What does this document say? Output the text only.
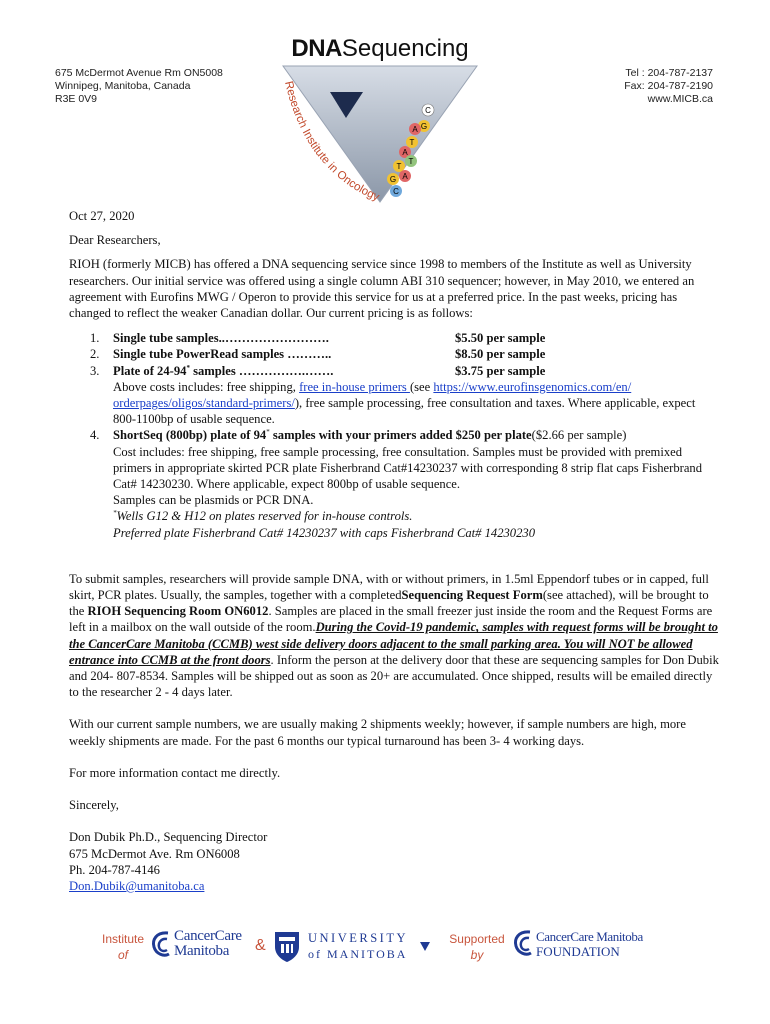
675 McDermot Avenue Rm ON5008
Winnipeg, Manitoba, Canada
R3E 0V9
Tel : 204-787-2137
Fax: 204-787-2190
www.MICB.ca
DNASequencing
Research Institute in Oncology
C
G
A
T
A
T
T
A
G
C

Oct 27, 2020

Dear Researchers,

RIOH (formerly MICB) has offered a DNA sequencing service since 1998 to members of the Institute as well as University researchers. Our initial service was offered using a single column ABI 310 sequencer; however, in May 2010, we entered an agreement with Eurofins MWG / Operon to provide this service for us at a preferred price. In the past weeks, pricing has changed to reflect the weaker Canadian dollar. Our current pricing is as follows:

1. Single tube samples..…………………….	$5.50 per sample
2. Single tube PowerRead samples ………..	$8.50 per sample
3. Plate of 24-94* samples …………….…….	$3.75 per sample
Above costs includes: free shipping, free in-house primers (see https://www.eurofinsgenomics.com/en/
orderpages/oligos/standard-primers/), free sample processing, free consultation and taxes. Where applicable, expect 800-1100bp of usable sequence.
4. ShortSeq (800bp) plate of 94* samples with your primers added $250 per plate($2.66 per sample)
Cost includes: free shipping, free sample processing, free consultation. Samples must be provided with premixed primers in appropriate skirted PCR plate Fisherbrand Cat#14230237 with corresponding 8 strip flat caps Fisherbrand Cat# 14230230. Where applicable, expect 800bp of usable sequence.
Samples can be plasmids or PCR DNA.
*Wells G12 & H12 on plates reserved for in-house controls.
Preferred plate Fisherbrand Cat# 14230237 with caps Fisherbrand Cat# 14230230

To submit samples, researchers will provide sample DNA, with or without primers, in 1.5ml Eppendorf tubes or in capped, full skirt, PCR plates. Usually, the samples, together with a completedSequencing Request Form(see attached), will be brought to the RIOH Sequencing Room ON6012. Samples are placed in the small freezer just inside the room and the Request Forms are left in a mailbox on the wall outside of the room.During the Covid-19 pandemic, samples with request forms will be brought to the CancerCare Manitoba (CCMB) west side delivery doors adjacent to the small parking area. You will NOT be allowed entrance into CCMB at the front doors. Inform the person at the delivery door that these are sequencing samples for Don Dubik and 204- 807-8534. Samples will be shipped out as soon as 20+ are accumulated. Once shipped, results will be emailed directly to the researcher 2 - 4 days later.

With our current sample numbers, we are usually making 2 shipments weekly; however, if sample numbers are high, more weekly shipments are made. For the past 6 months our typical turnaround has been 3- 4 working days.

For more information contact me directly.

Sincerely,

Don Dubik Ph.D., Sequencing Director
675 McDermot Ave. Rm ON6008
Ph. 204-787-4146
Don.Dubik@umanitoba.ca
Institute
of
CancerCare
Manitoba	&	UNIVERSITY
of MANITOBA
Supported
by
CancerCare Manitoba
FOUNDATION
